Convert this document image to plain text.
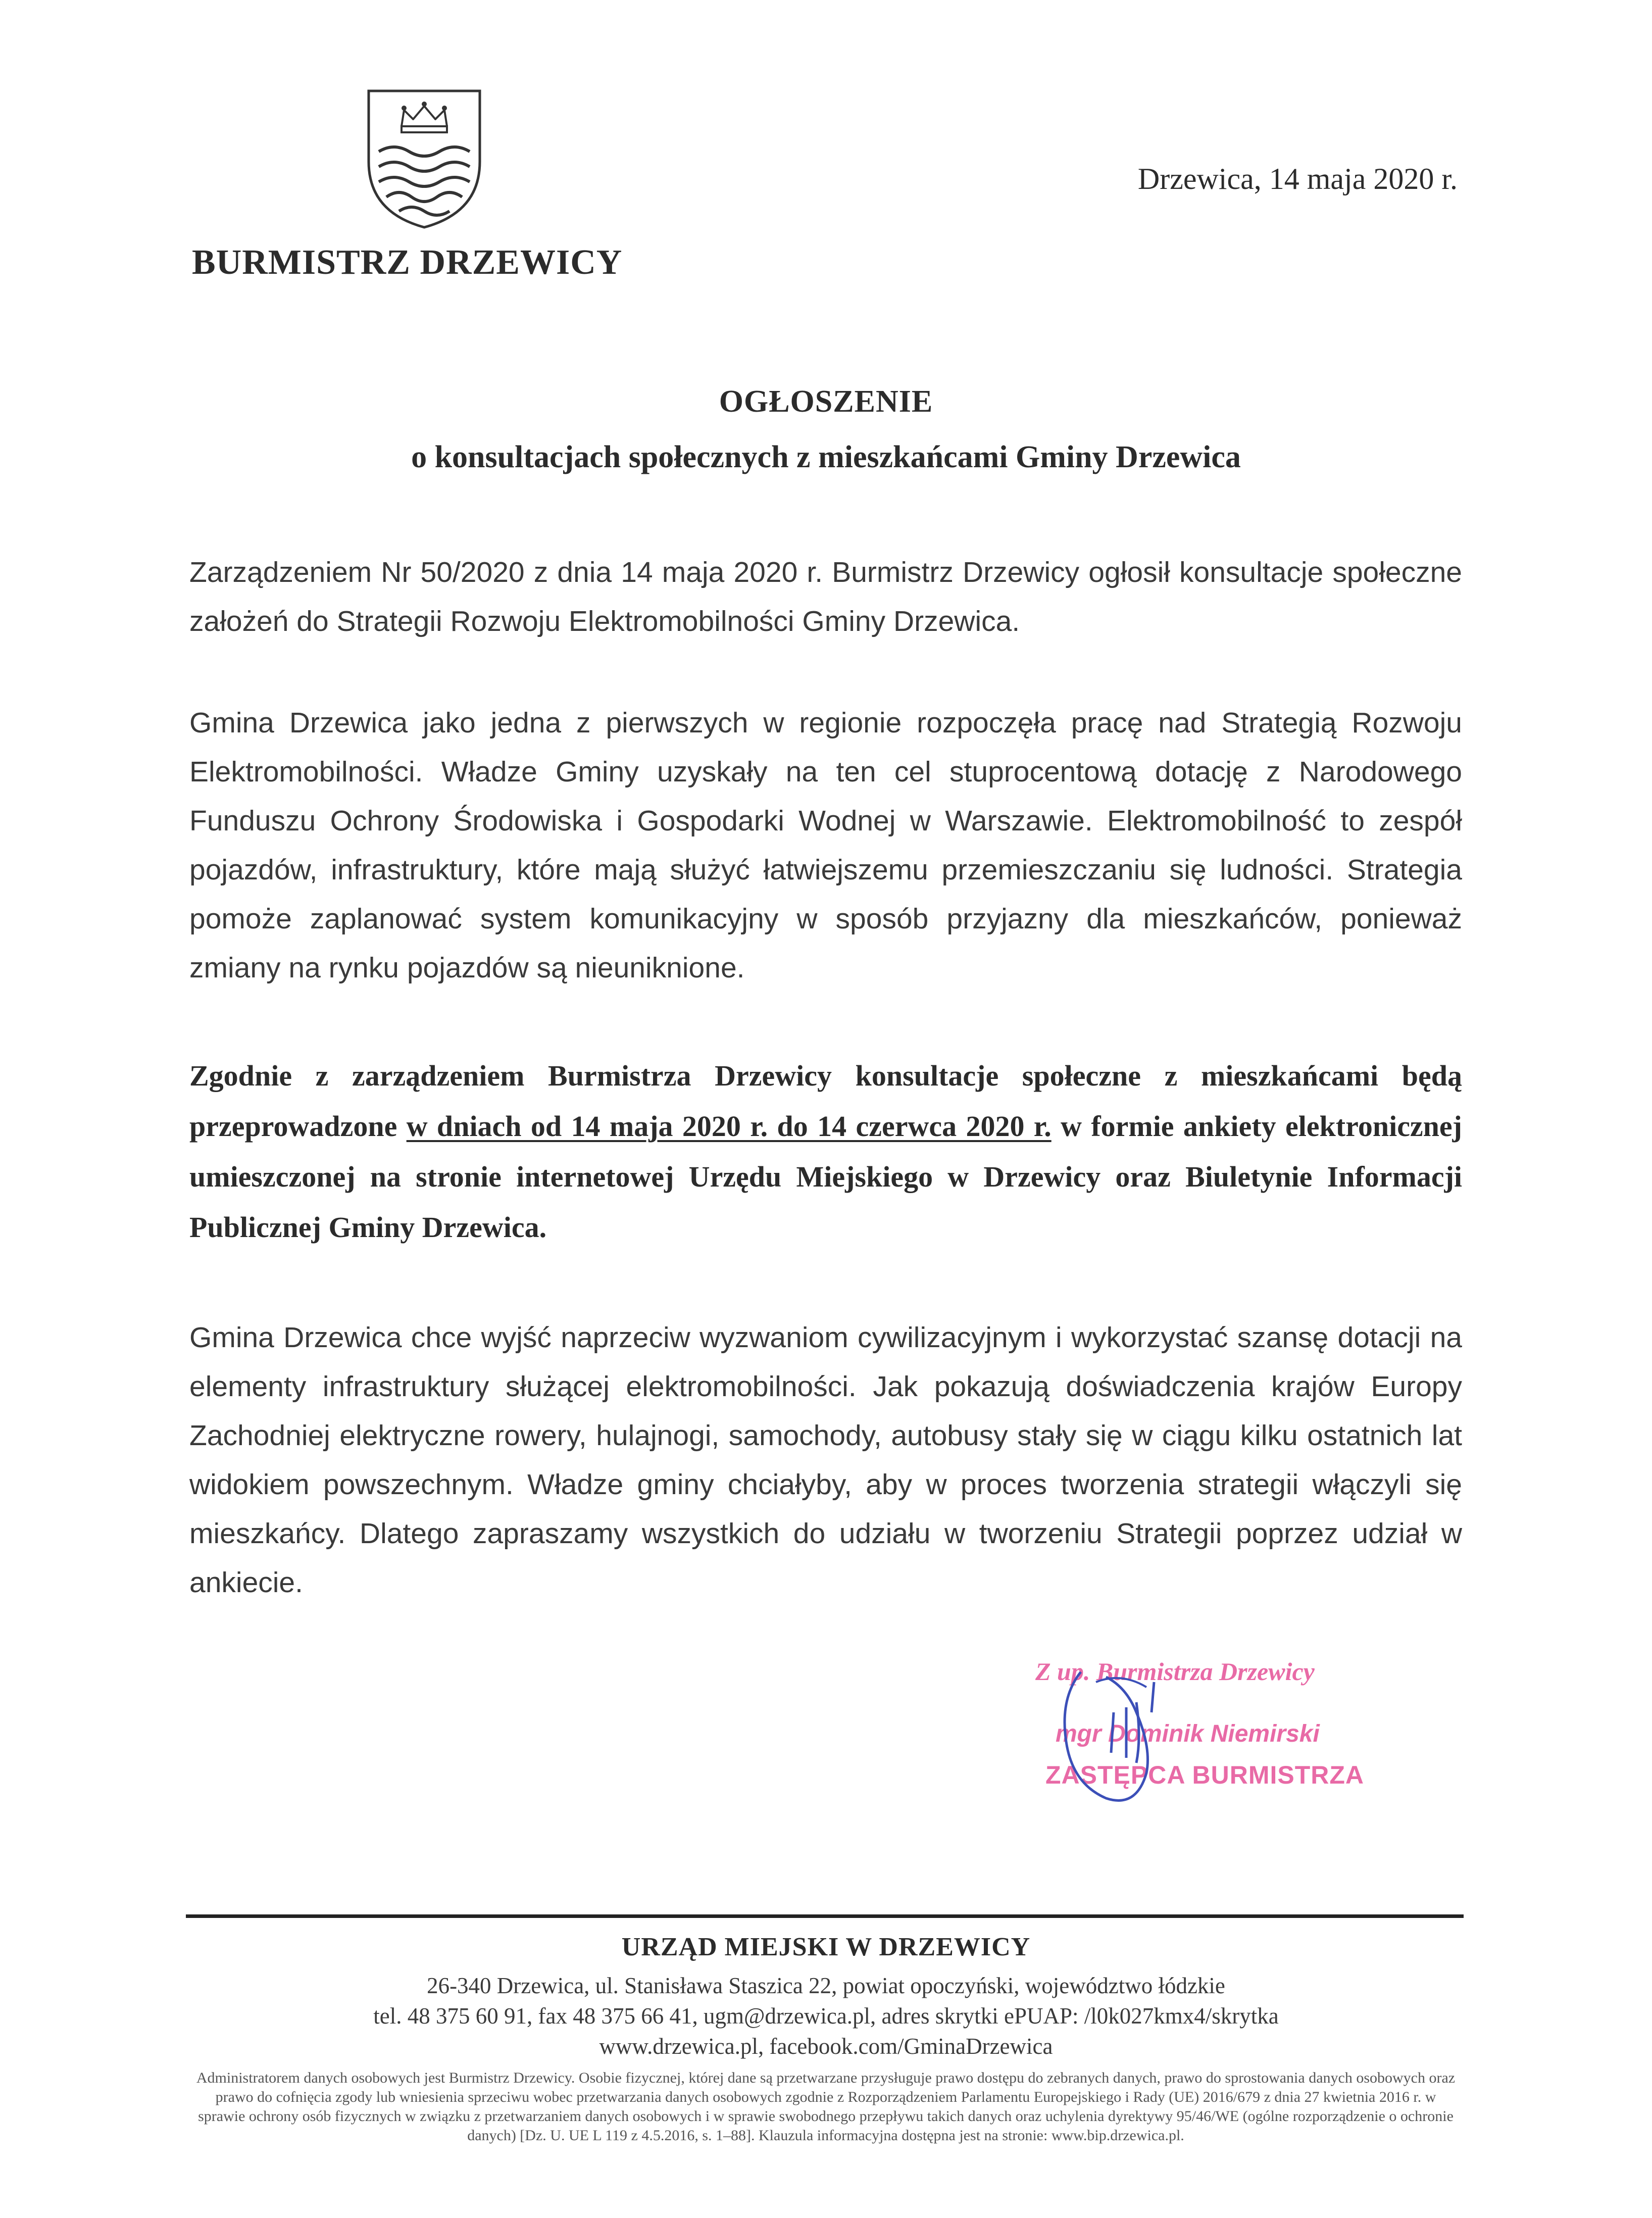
BURMISTRZ DRZEWICY
Drzewica, 14 maja 2020 r.
OGŁOSZENIE
o konsultacjach społecznych z mieszkańcami Gminy Drzewica
Zarządzeniem Nr 50/2020 z dnia 14 maja 2020 r. Burmistrz Drzewicy ogłosił konsultacje społeczne założeń do Strategii Rozwoju Elektromobilności Gminy Drzewica.
Gmina Drzewica jako jedna z pierwszych w regionie rozpoczęła pracę nad Strategią Rozwoju Elektromobilności. Władze Gminy uzyskały na ten cel stuprocentową dotację z Narodowego Funduszu Ochrony Środowiska i Gospodarki Wodnej w Warszawie. Elektromobilność to zespół pojazdów, infrastruktury, które mają służyć łatwiejszemu przemieszczaniu się ludności. Strategia pomoże zaplanować system komunikacyjny w sposób przyjazny dla mieszkańców, ponieważ zmiany na rynku pojazdów są nieuniknione.
Zgodnie z zarządzeniem Burmistrza Drzewicy konsultacje społeczne z mieszkańcami będą przeprowadzone w dniach od 14 maja 2020 r. do 14 czerwca 2020 r. w formie ankiety elektronicznej umieszczonej na stronie internetowej Urzędu Miejskiego w Drzewicy oraz Biuletynie Informacji Publicznej Gminy Drzewica.
Gmina Drzewica chce wyjść naprzeciw wyzwaniom cywilizacyjnym i wykorzystać szansę dotacji na elementy infrastruktury służącej elektromobilności. Jak pokazują doświadczenia krajów Europy Zachodniej elektryczne rowery, hulajnogi, samochody, autobusy stały się w ciągu kilku ostatnich lat widokiem powszechnym. Władze gminy chciałyby, aby w proces tworzenia strategii włączyli się mieszkańcy. Dlatego zapraszamy wszystkich do udziału w tworzeniu Strategii poprzez udział w ankiecie.
Z up. Burmistrza Drzewicy
mgr Dominik Niemirski
ZASTĘPCA BURMISTRZA
URZĄD MIEJSKI W DRZEWICY
26-340 Drzewica, ul. Stanisława Staszica 22, powiat opoczyński, województwo łódzkie
tel. 48 375 60 91, fax 48 375 66 41, ugm@drzewica.pl, adres skrytki ePUAP: /l0k027kmx4/skrytka
www.drzewica.pl, facebook.com/GminaDrzewica
Administratorem danych osobowych jest Burmistrz Drzewicy. Osobie fizycznej, której dane są przetwarzane przysługuje prawo dostępu do zebranych danych, prawo do sprostowania danych osobowych oraz prawo do cofnięcia zgody lub wniesienia sprzeciwu wobec przetwarzania danych osobowych zgodnie z Rozporządzeniem Parlamentu Europejskiego i Rady (UE) 2016/679 z dnia 27 kwietnia 2016 r. w sprawie ochrony osób fizycznych w związku z przetwarzaniem danych osobowych i w sprawie swobodnego przepływu takich danych oraz uchylenia dyrektywy 95/46/WE (ogólne rozporządzenie o ochronie danych) [Dz. U. UE L 119 z 4.5.2016, s. 1–88]. Klauzula informacyjna dostępna jest na stronie: www.bip.drzewica.pl.
